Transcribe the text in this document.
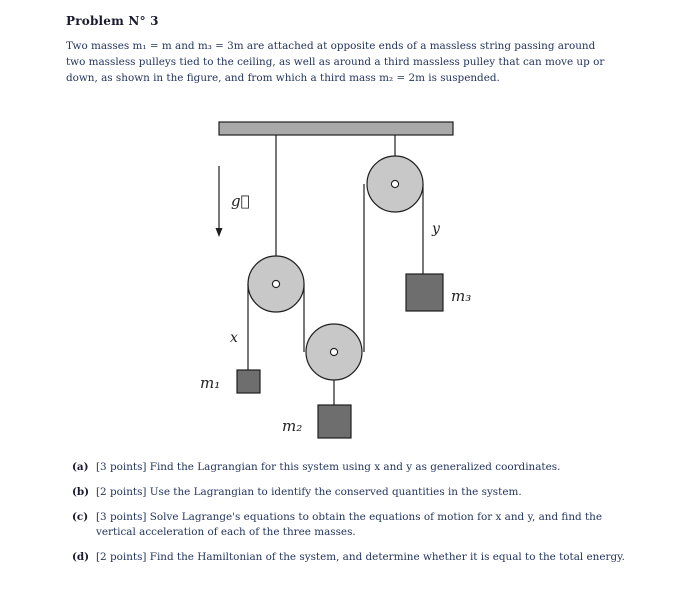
Problem N° 3
Two masses m₁ = m and m₃ = 3m are attached at opposite ends of a massless string passing around
two massless pulleys tied to the ceiling, as well as around a third massless pulley that can move up or
down, as shown in the figure, and from which a third mass m₂ = 2m is suspended.
g⃗
x
y
m₁
m₂
m₃
(a) [3 points] Find the Lagrangian for this system using x and y as generalized coordinates.
(b) [2 points] Use the Lagrangian to identify the conserved quantities in the system.
(c) [3 points] Solve Lagrange's equations to obtain the equations of motion for x and y, and find the vertical acceleration of each of the three masses.
(d) [2 points] Find the Hamiltonian of the system, and determine whether it is equal to the total energy.
